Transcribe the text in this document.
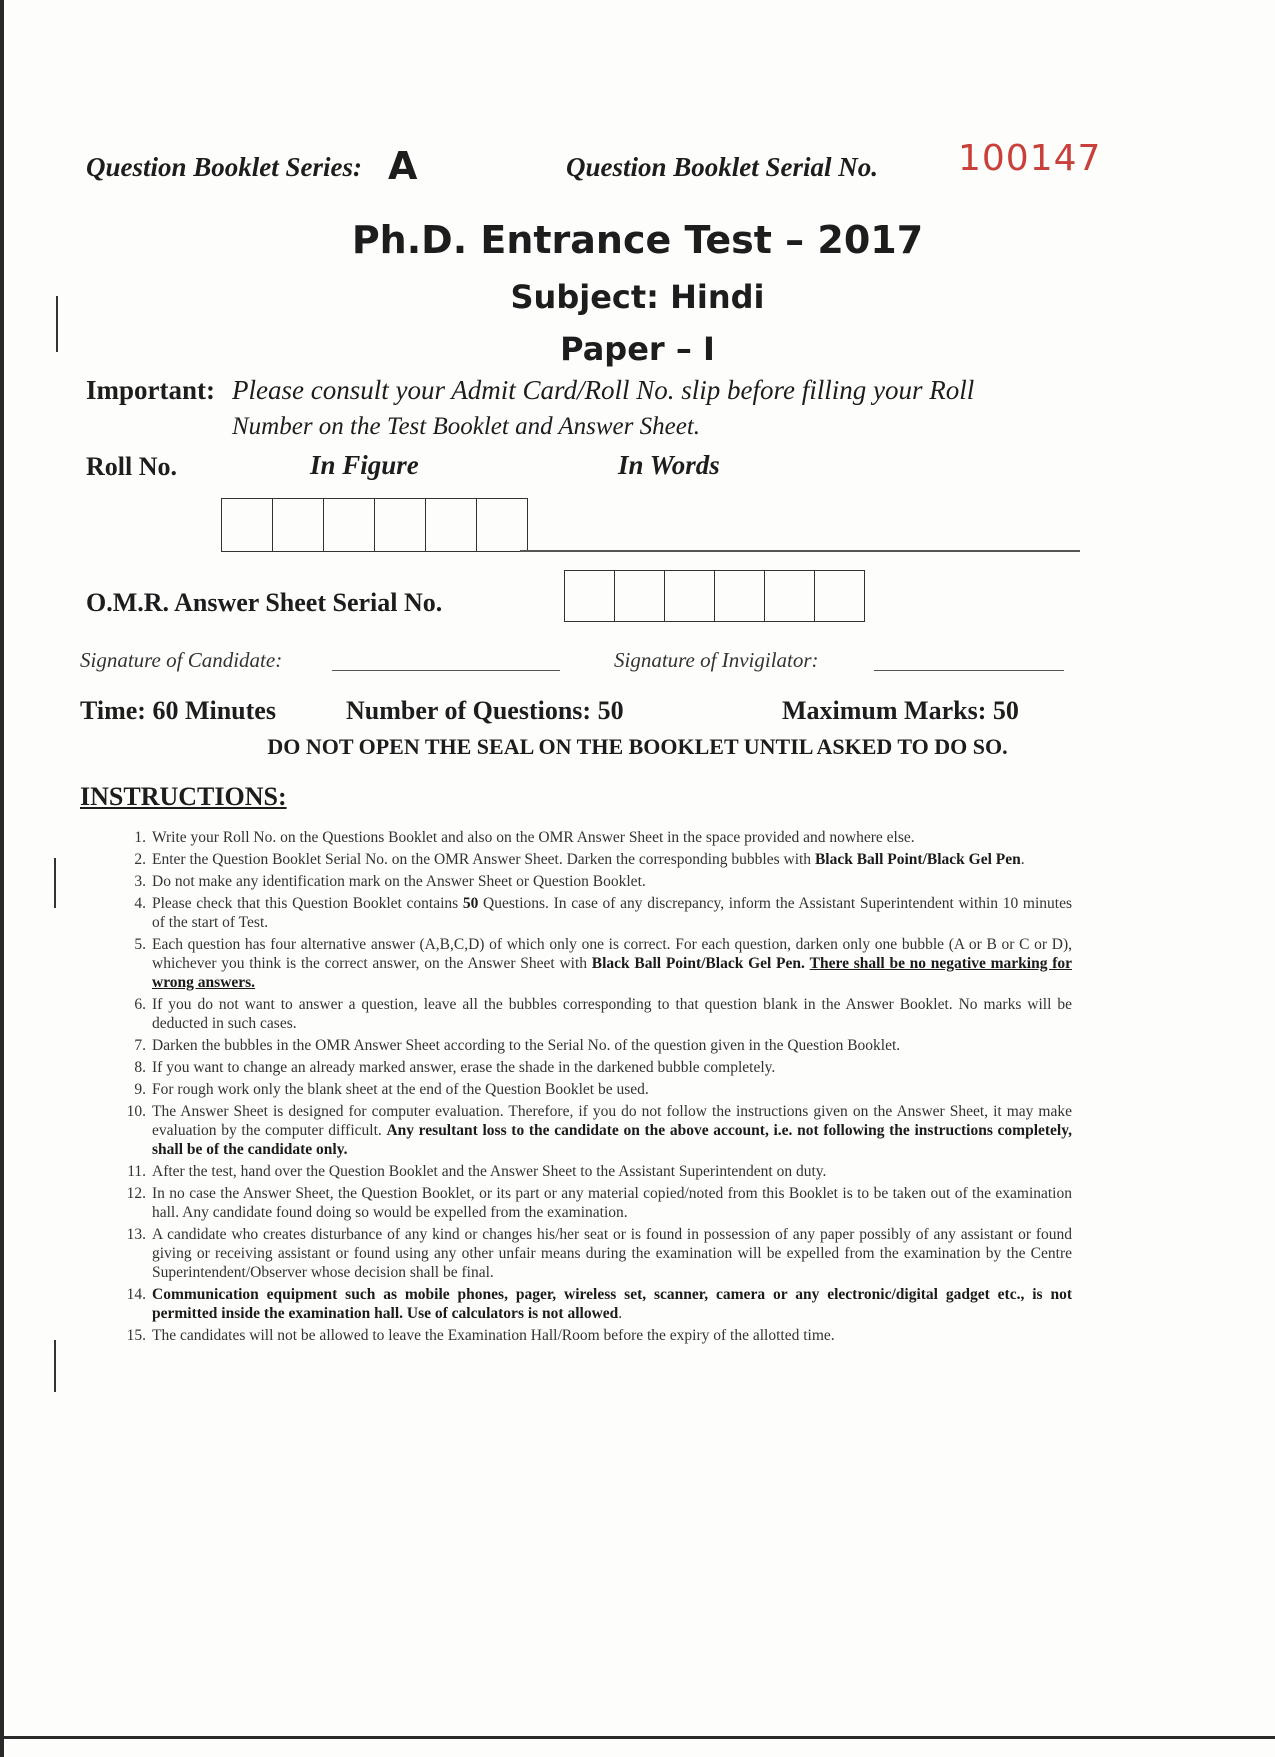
Question Booklet Series: A	Question Booklet Serial No. 100147
Ph.D. Entrance Test – 2017
Subject: Hindi
Paper – I
Important: Please consult your Admit Card/Roll No. slip before filling your Roll
Number on the Test Booklet and Answer Sheet.
Roll No.	In Figure	In Words
O.M.R. Answer Sheet Serial No.
Signature of Candidate:	Signature of Invigilator:
Time: 60 Minutes	Number of Questions: 50	Maximum Marks: 50
DO NOT OPEN THE SEAL ON THE BOOKLET UNTIL ASKED TO DO SO.
INSTRUCTIONS:
1. Write your Roll No. on the Questions Booklet and also on the OMR Answer Sheet in the space provided and nowhere else.
2. Enter the Question Booklet Serial No. on the OMR Answer Sheet. Darken the corresponding bubbles with Black Ball Point/Black Gel Pen.
3. Do not make any identification mark on the Answer Sheet or Question Booklet.
4. Please check that this Question Booklet contains 50 Questions. In case of any discrepancy, inform the Assistant Superintendent within 10 minutes of the start of Test.
5. Each question has four alternative answer (A,B,C,D) of which only one is correct. For each question, darken only one bubble (A or B or C or D), whichever you think is the correct answer, on the Answer Sheet with Black Ball Point/Black Gel Pen. There shall be no negative marking for wrong answers.
6. If you do not want to answer a question, leave all the bubbles corresponding to that question blank in the Answer Booklet. No marks will be deducted in such cases.
7. Darken the bubbles in the OMR Answer Sheet according to the Serial No. of the question given in the Question Booklet.
8. If you want to change an already marked answer, erase the shade in the darkened bubble completely.
9. For rough work only the blank sheet at the end of the Question Booklet be used.
10. The Answer Sheet is designed for computer evaluation. Therefore, if you do not follow the instructions given on the Answer Sheet, it may make evaluation by the computer difficult. Any resultant loss to the candidate on the above account, i.e. not following the instructions completely, shall be of the candidate only.
11. After the test, hand over the Question Booklet and the Answer Sheet to the Assistant Superintendent on duty.
12. In no case the Answer Sheet, the Question Booklet, or its part or any material copied/noted from this Booklet is to be taken out of the examination hall. Any candidate found doing so would be expelled from the examination.
13. A candidate who creates disturbance of any kind or changes his/her seat or is found in possession of any paper possibly of any assistant or found giving or receiving assistant or found using any other unfair means during the examination will be expelled from the examination by the Centre Superintendent/Observer whose decision shall be final.
14. Communication equipment such as mobile phones, pager, wireless set, scanner, camera or any electronic/digital gadget etc., is not permitted inside the examination hall. Use of calculators is not allowed.
15. The candidates will not be allowed to leave the Examination Hall/Room before the expiry of the allotted time.
